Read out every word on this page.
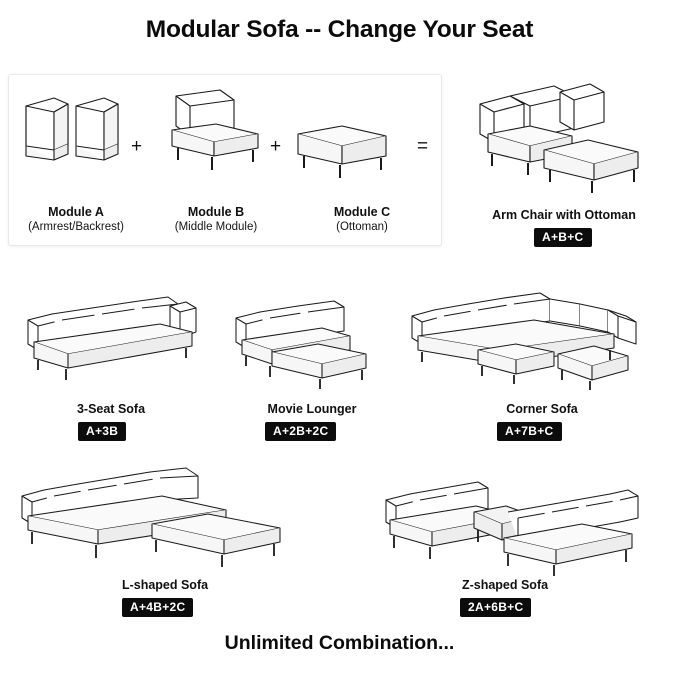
Modular Sofa -- Change Your Seat
Module A
(Armrest/Backrest)
+
Module B
(Middle Module)
+
Module C
(Ottoman)
=
Arm Chair with Ottoman
A+B+C
3-Seat Sofa
A+3B
Movie Lounger
A+2B+2C
Corner Sofa
A+7B+C
L-shaped Sofa
A+4B+2C
Z-shaped Sofa
2A+6B+C
Unlimited Combination...
